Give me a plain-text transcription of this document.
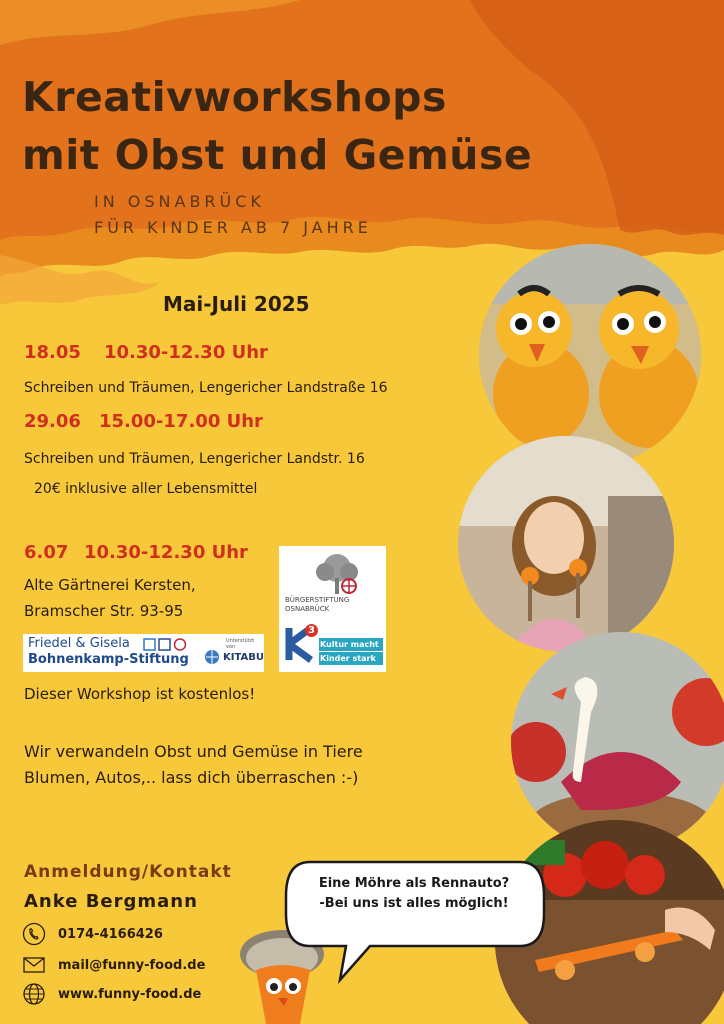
Kreativworkshops
mit Obst und Gemüse
IN OSNABRÜCK
FÜR KINDER AB 7 JAHRE
Mai-Juli 2025
18.05 10.30-12.30 Uhr
Schreiben und Träumen, Lengericher Landstraße 16
29.06 15.00-17.00 Uhr
Schreiben und Träumen, Lengericher Landstr. 16
20€ inklusive aller Lebensmittel
6.07 10.30-12.30 Uhr
Alte Gärtnerei Kersten,
Bramscher Str. 93-95
Friedel & Gisela
Bohnenkamp-Stiftung
Unterstützt von
KITABU
BÜRGERSTIFTUNG
OSNABRÜCK
3
Kultur macht
Kinder stark
Dieser Workshop ist kostenlos!
Wir verwandeln Obst und Gemüse in Tiere
Blumen, Autos,.. lass dich überraschen :-)
Anmeldung/Kontakt
Anke Bergmann
0174-4166426
mail@funny-food.de
www.funny-food.de
Eine Möhre als Rennauto?
-Bei uns ist alles möglich!
